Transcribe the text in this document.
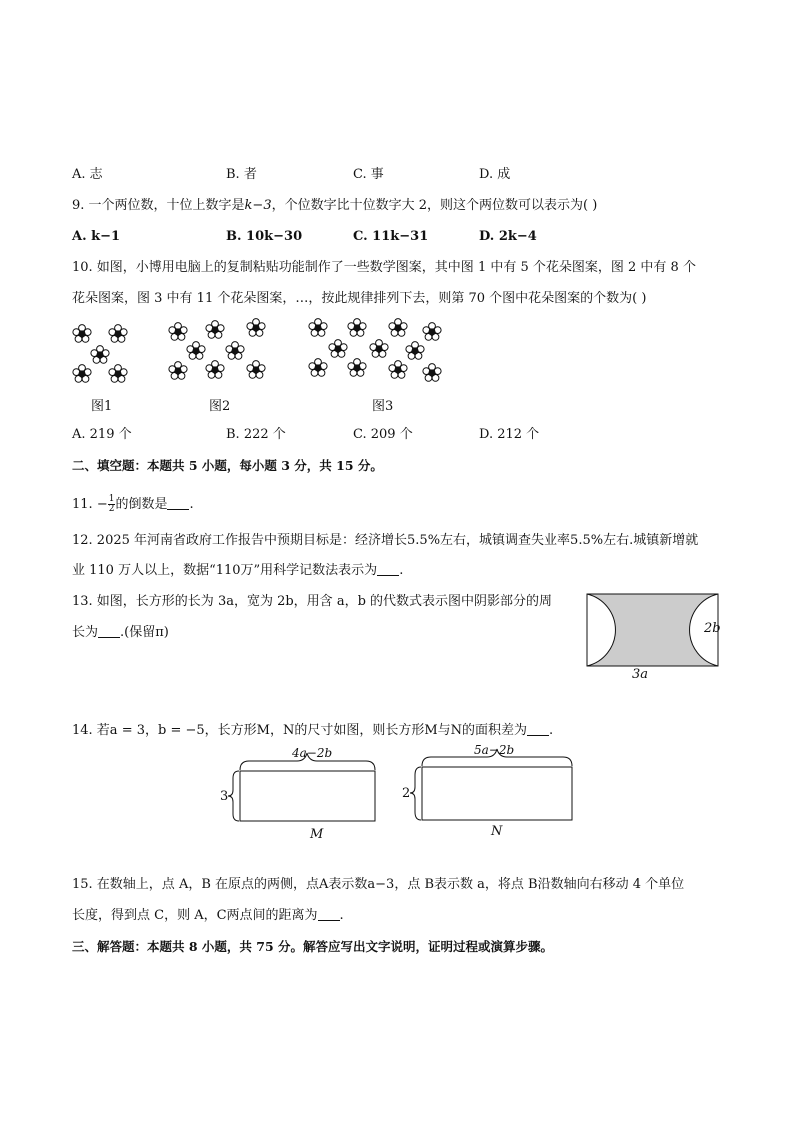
A. 志	B. 者	C. 事	D. 成
9. 一个两位数，十位上数字是k−3，个位数字比十位数字大 2，则这个两位数可以表示为( )
A. k−1	B. 10k−30	C. 11k−31	D. 2k−4
10. 如图，小博用电脑上的复制粘贴功能制作了一些数学图案，其中图 1 中有 5 个花朵图案，图 2 中有 8 个
花朵图案，图 3 中有 11 个花朵图案，…，按此规律排列下去，则第 70 个图中花朵图案的个数为( )
图1	图2	图3
A. 219 个	B. 222 个	C. 209 个	D. 212 个
二、填空题：本题共 5 小题，每小题 3 分，共 15 分。
11. − $\frac{1}{2}$ 的倒数是 .
12. 2025 年河南省政府工作报告中预期目标是：经济增长5.5%左右，城镇调查失业率5.5%左右.城镇新增就
业 110 万人以上，数据“110万”用科学记数法表示为 .
13. 如图，长方形的长为 3a，宽为 2b，用含 a，b 的代数式表示图中阴影部分的周
长为 .(保留π)
3a
2b
14. 若a = 3，b = −5，长方形M，N的尺寸如图，则长方形M与N的面积差为 .
4a−2b
3
M
5a−2b
2
N
15. 在数轴上，点 A，B 在原点的两侧，点A表示数a−3，点 B表示数 a，将点 B沿数轴向右移动 4 个单位
长度，得到点 C，则 A，C两点间的距离为 .
三、解答题：本题共 8 小题，共 75 分。解答应写出文字说明，证明过程或演算步骤。
